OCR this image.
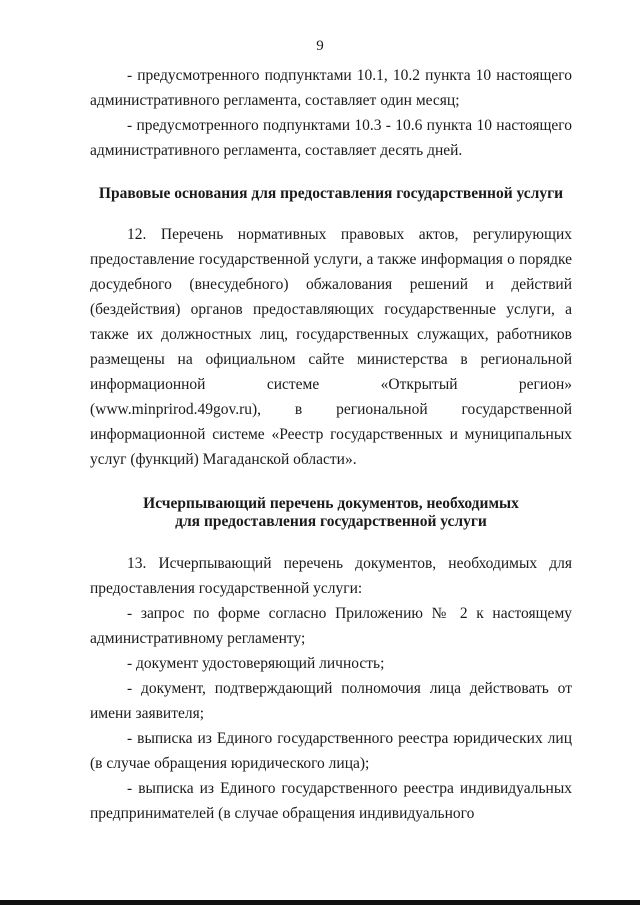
9

- предусмотренного подпунктами 10.1, 10.2 пункта 10 настоящего административного регламента, составляет один месяц;

- предусмотренного подпунктами 10.3 - 10.6 пункта 10 настоящего административного регламента, составляет десять дней.

Правовые основания для предоставления государственной услуги

12. Перечень нормативных правовых актов, регулирующих предоставление государственной услуги, а также информация о порядке досудебного (внесудебного) обжалования решений и действий (бездействия) органов предоставляющих государственные услуги, а также их должностных лиц, государственных служащих, работников размещены на официальном сайте министерства в региональной информационной системе «Открытый регион» (www.minprirod.49gov.ru), в региональной государственной информационной системе «Реестр государственных и муниципальных услуг (функций) Магаданской области».

Исчерпывающий перечень документов, необходимых
для предоставления государственной услуги

13. Исчерпывающий перечень документов, необходимых для предоставления государственной услуги:

- запрос по форме согласно Приложению № 2 к настоящему административному регламенту;

- документ удостоверяющий личность;

- документ, подтверждающий полномочия лица действовать от имени заявителя;

- выписка из Единого государственного реестра юридических лиц (в случае обращения юридического лица);

- выписка из Единого государственного реестра индивидуальных предпринимателей (в случае обращения индивидуального
